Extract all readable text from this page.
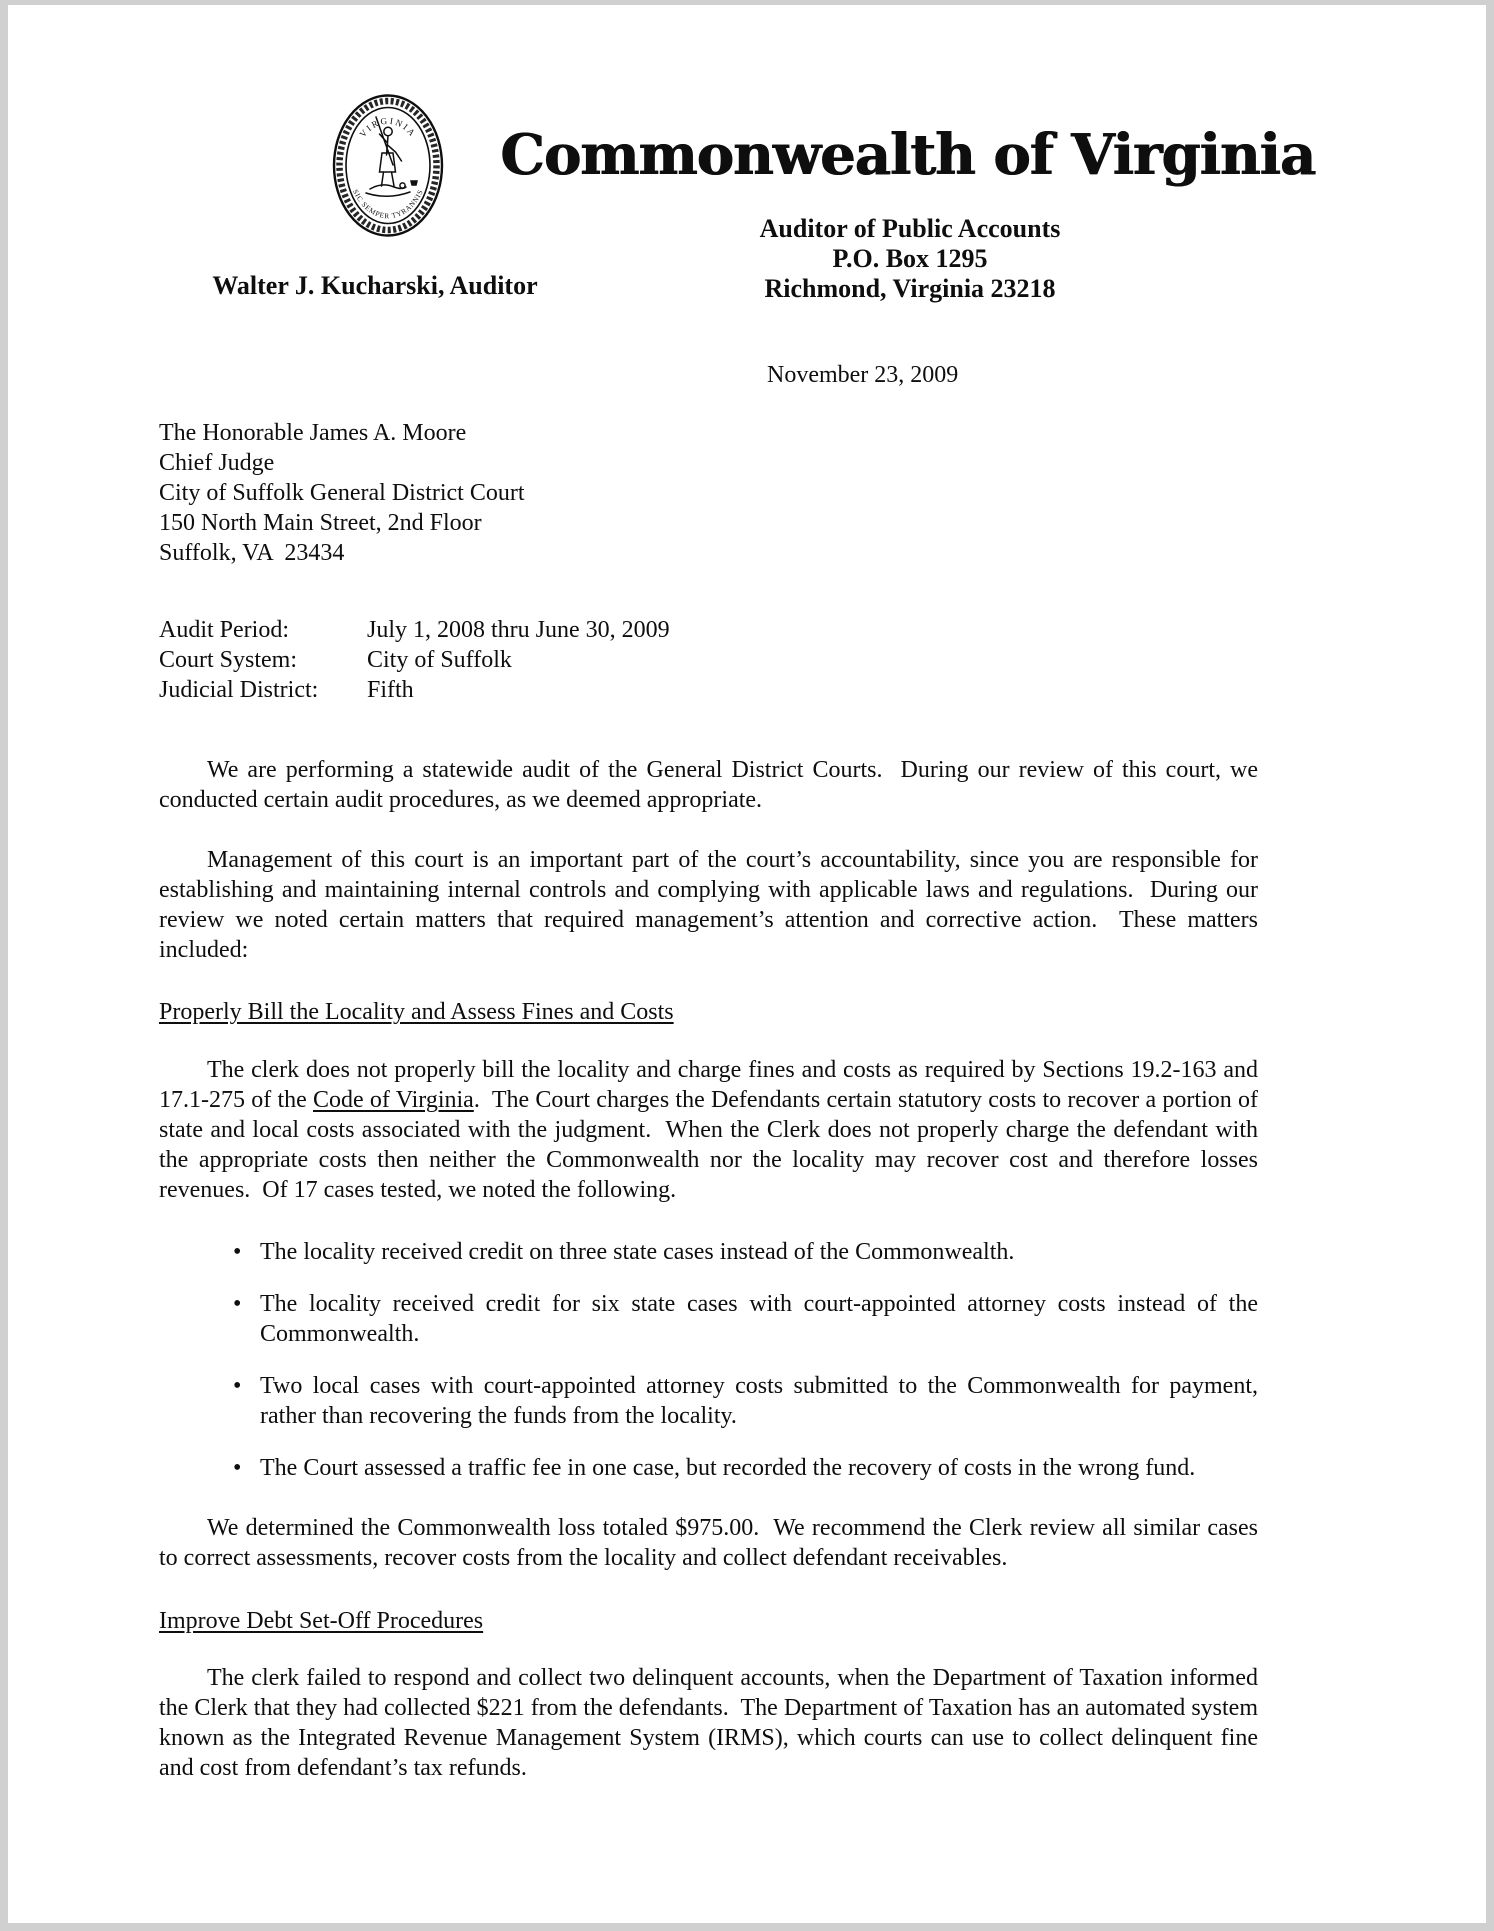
VIRGINIA
SIC SEMPER TYRANNIS
Commonwealth of Virginia
Auditor of Public Accounts
P.O. Box 1295
Richmond, Virginia 23218
Walter J. Kucharski, Auditor
November 23, 2009
The Honorable James A. Moore
Chief Judge
City of Suffolk General District Court
150 North Main Street, 2nd Floor
Suffolk, VA  23434
Audit Period:	July 1, 2008 thru June 30, 2009
Court System:	City of Suffolk
Judicial District:	Fifth

We are performing a statewide audit of the General District Courts.  During our review of this court, we conducted certain audit procedures, as we deemed appropriate.

Management of this court is an important part of the court’s accountability, since you are responsible for establishing and maintaining internal controls and complying with applicable laws and regulations.  During our review we noted certain matters that required management’s attention and corrective action.  These matters included:

Properly Bill the Locality and Assess Fines and Costs

The clerk does not properly bill the locality and charge fines and costs as required by Sections 19.2-163 and 17.1-275 of the Code of Virginia.  The Court charges the Defendants certain statutory costs to recover a portion of state and local costs associated with the judgment.  When the Clerk does not properly charge the defendant with the appropriate costs then neither the Commonwealth nor the locality may recover cost and therefore losses revenues.  Of 17 cases tested, we noted the following.

• The locality received credit on three state cases instead of the Commonwealth.
• The locality received credit for six state cases with court-appointed attorney costs instead of the Commonwealth.
• Two local cases with court-appointed attorney costs submitted to the Commonwealth for payment, rather than recovering the funds from the locality.
• The Court assessed a traffic fee in one case, but recorded the recovery of costs in the wrong fund.

We determined the Commonwealth loss totaled $975.00.  We recommend the Clerk review all similar cases to correct assessments, recover costs from the locality and collect defendant receivables.

Improve Debt Set-Off Procedures

The clerk failed to respond and collect two delinquent accounts, when the Department of Taxation informed the Clerk that they had collected $221 from the defendants.  The Department of Taxation has an automated system known as the Integrated Revenue Management System (IRMS), which courts can use to collect delinquent fine and cost from defendant’s tax refunds.
